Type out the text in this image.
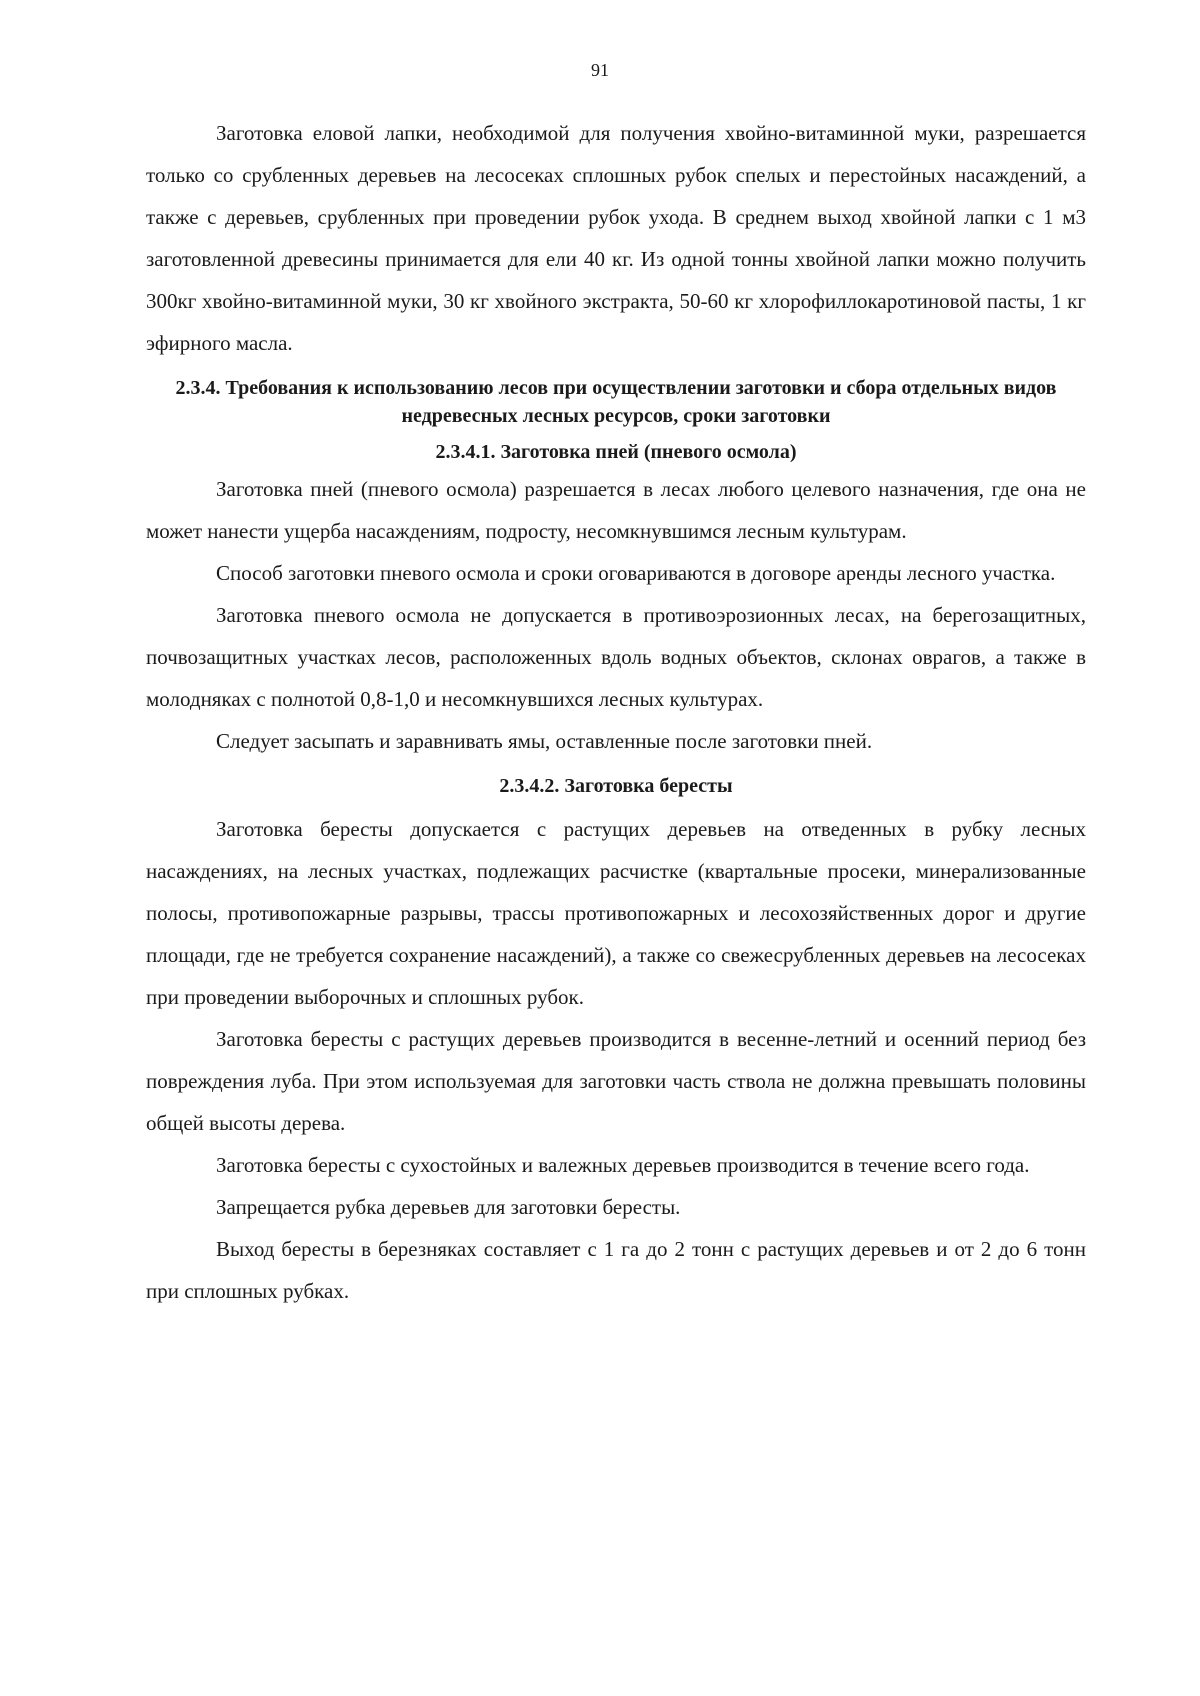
91

Заготовка еловой лапки, необходимой для получения хвойно-витаминной муки, разрешается только со срубленных деревьев на лесосеках сплошных рубок спелых и перестойных насаждений, а также с деревьев, срубленных при проведении рубок ухода. В среднем выход хвойной лапки с 1 м3 заготовленной древесины принимается для ели 40 кг. Из одной тонны хвойной лапки можно получить 300кг хвойно-витаминной муки, 30 кг хвойного экстракта, 50-60 кг хлорофиллокаротиновой пасты, 1 кг эфирного масла.

2.3.4. Требования к использованию лесов при осуществлении заготовки и сбора отдельных видов недревесных лесных ресурсов, сроки заготовки
2.3.4.1. Заготовка пней (пневого осмола)

Заготовка пней (пневого осмола) разрешается в лесах любого целевого назначения, где она не может нанести ущерба насаждениям, подросту, несомкнувшимся лесным культурам.

Способ заготовки пневого осмола и сроки оговариваются в договоре аренды лесного участка.

Заготовка пневого осмола не допускается в противоэрозионных лесах, на берегозащитных, почвозащитных участках лесов, расположенных вдоль водных объектов, склонах оврагов, а также в молодняках с полнотой 0,8-1,0 и несомкнувшихся лесных культурах.

Следует засыпать и заравнивать ямы, оставленные после заготовки пней.

2.3.4.2. Заготовка бересты

Заготовка бересты допускается с растущих деревьев на отведенных в рубку лесных насаждениях, на лесных участках, подлежащих расчистке (квартальные просеки, минерализованные полосы, противопожарные разрывы, трассы противопожарных и лесохозяйственных дорог и другие площади, где не требуется сохранение насаждений), а также со свежесрубленных деревьев на лесосеках при проведении выборочных и сплошных рубок.

Заготовка бересты с растущих деревьев производится в весенне-летний и осенний период без повреждения луба. При этом используемая для заготовки часть ствола не должна превышать половины общей высоты дерева.

Заготовка бересты с сухостойных и валежных деревьев производится в течение всего года.

Запрещается рубка деревьев для заготовки бересты.

Выход бересты в березняках составляет с 1 га до 2 тонн с растущих деревьев и от 2 до 6 тонн при сплошных рубках.
